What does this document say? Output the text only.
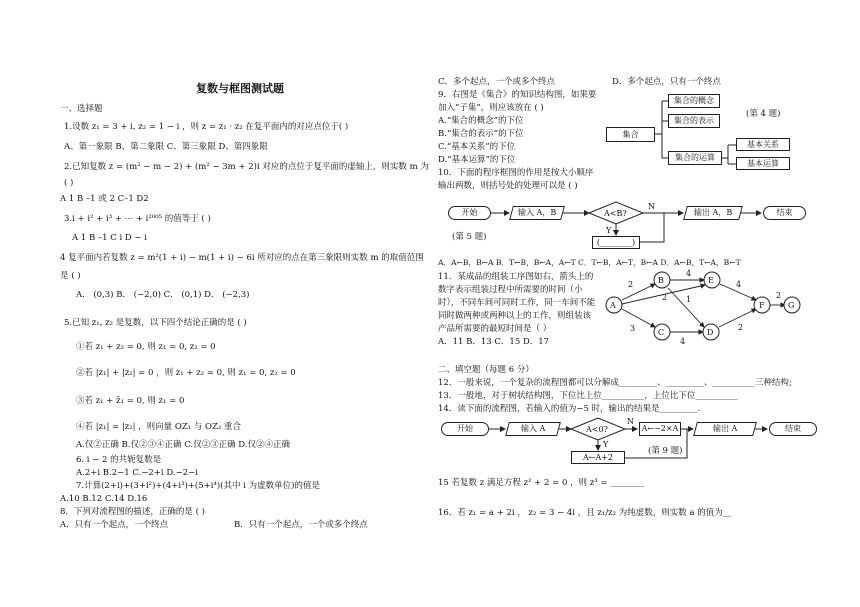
复数与框图测试题
一、选择题
1.设数 z₁ = 3 + i, z₂ = 1 − i ，则 z = z₁ · z₂ 在复平面内的对应点位于( )
A、第一象限 B、第二象限 C、第三象限 D、第四象限
2.已知复数 z = (m² − m − 2) + (m² − 3m + 2)i 对应的点位于复平面的虚轴上，则实数 m 为
( )
A 1 B –1 或 2 C–1 D2
3.i + i² + i³ + ⋯ + i²⁰⁰⁵ 的值等于 ( )
A 1 B –1 C i D − i
4 复平面内若复数 z = m²(1 + i) − m(1 + i) − 6i 所对应的点在第三象限则实数 m 的取值范围
是 ( )
A． (0,3) B． (−2,0) C． (0,1) D． (−2,3)
5.已知 z₁, z₂ 是复数，以下四个结论正确的是 ( )
①若 z₁ + z₂ = 0, 则 z₁ = 0, z₂ = 0
②若 |z₁| + |z₂| = 0 ，则 z₁ + z₂ = 0, 则 z₁ = 0, z₂ = 0
③若 z₁ + z̄₁ = 0, 则 z₁ = 0
④若 |z₁| = |z₂| ，则向量 OZ₁ 与 OZ₂ 重合
A.仅②正确 B.仅②③④正确 C.仅②③正确 D.仅②④正确
6. i − 2 的共轭复数是
A.2+i B.2−1 C.−2+i D.−2−i
7.计算(2+i)+(3+i²)+(4+i³)+(5+i⁴)(其中 i 为虚数单位)的值是
A.10 B.12 C.14 D.16
8．下列对流程图的描述，正确的是 ( )
A．只有一个起点，一个终点	B．只有一个起点，一个或多个终点
C．多个起点，一个或多个终点	D．多个起点，只有一个终点
9．右图是《集合》的知识结构图，如果要
加入“子集”，则应该放在 ( )
A.“集合的概念”的下位
B.“集合的表示”的下位
C.“基本关系”的下位
D.“基本运算”的下位
10．下面的程序框图的作用是按大小顺序
输出两数，则括号处的处理可以是 ( )
集合
集合的概念
集合的表示
集合的运算
基本关系
基本运算
(第 4 题)
A<B?
N
Y
开始	输入 A，B
(________)
输出 A，B	结束
(第 5 题)
A．A←B，B←A B．T←B，B←A，A←T C．T←B，A←T，B←A D．A←B，T←A，B←T
11．某成品的组装工序图如右，箭头上的
数字表示组装过程中所需要的时间（小
时），不同车间可同时工作，同一车间不能
同时做两种或两种以上的工作，则组装该
产品所需要的最短时间是（ ）
A．11 B．13 C．15 D．17
A
B
C	D
E
F	G
2
4
1
2
4
4
3	2
2
二、填空题（每题 6 分）
12．一般来说，一个复杂的流程图都可以分解成_________、_________、__________三种结构;
13．一般地，对于树状结构图，下位比上位__________，上位比下位__________
14．读下面的流程图，若输入的值为−5 时，输出的结果是_________.
A<0?
N
Y
开始	输入 A	A←−2×A
A←A+2
输出 A	结束
(第 9 题)
15 若复数 z 满足方程 z² + 2 = 0 ，则 z³ = ________
16．若 z₁ = a + 2i ， z₂ = 3 − 4i ，且 z₁/z₂ 为纯虚数，则实数 a 的值为__
